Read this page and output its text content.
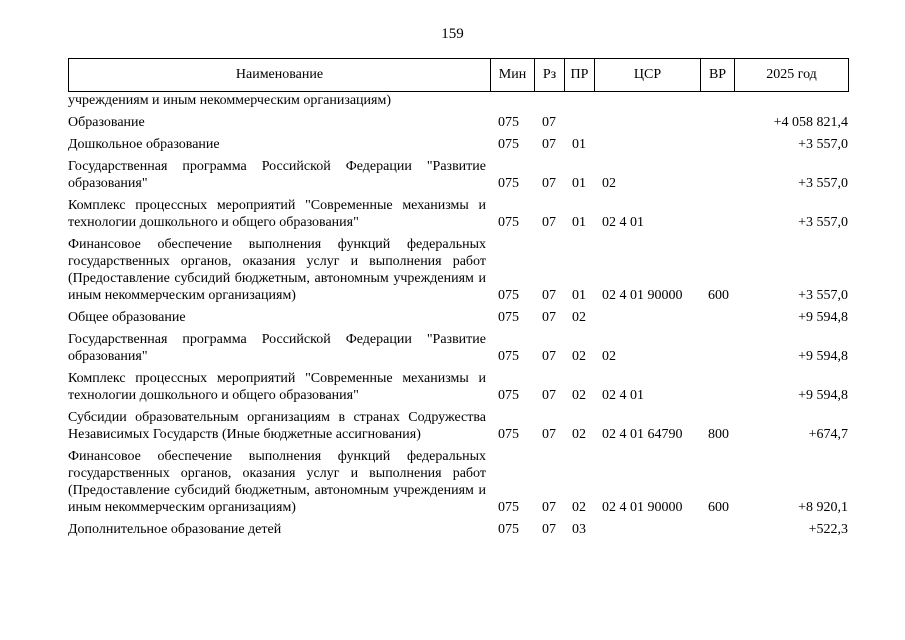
159
Наименование	Мин	Рз	ПР	ЦСР	ВР	2025 год
учреждениям и иным некоммерческим организациям)						
Образование	075	07				+4 058 821,4
Дошкольное образование	075	07	01			+3 557,0
Государственная программа Российской Федерации "Развитие образования"	075	07	01	02		+3 557,0
Комплекс процессных мероприятий "Современные механизмы и технологии дошкольного и общего образования"	075	07	01	02 4 01		+3 557,0
Финансовое обеспечение выполнения функций федеральных государственных органов, оказания услуг и выполнения работ (Предоставление субсидий бюджетным, автономным учреждениям и иным некоммерческим организациям)	075	07	01	02 4 01 90000	600	+3 557,0
Общее образование	075	07	02			+9 594,8
Государственная программа Российской Федерации "Развитие образования"	075	07	02	02		+9 594,8
Комплекс процессных мероприятий "Современные механизмы и технологии дошкольного и общего образования"	075	07	02	02 4 01		+9 594,8
Субсидии образовательным организациям в странах Содружества Независимых Государств (Иные бюджетные ассигнования)	075	07	02	02 4 01 64790	800	+674,7
Финансовое обеспечение выполнения функций федеральных государственных органов, оказания услуг и выполнения работ (Предоставление субсидий бюджетным, автономным учреждениям и иным некоммерческим организациям)	075	07	02	02 4 01 90000	600	+8 920,1
Дополнительное образование детей	075	07	03			+522,3
